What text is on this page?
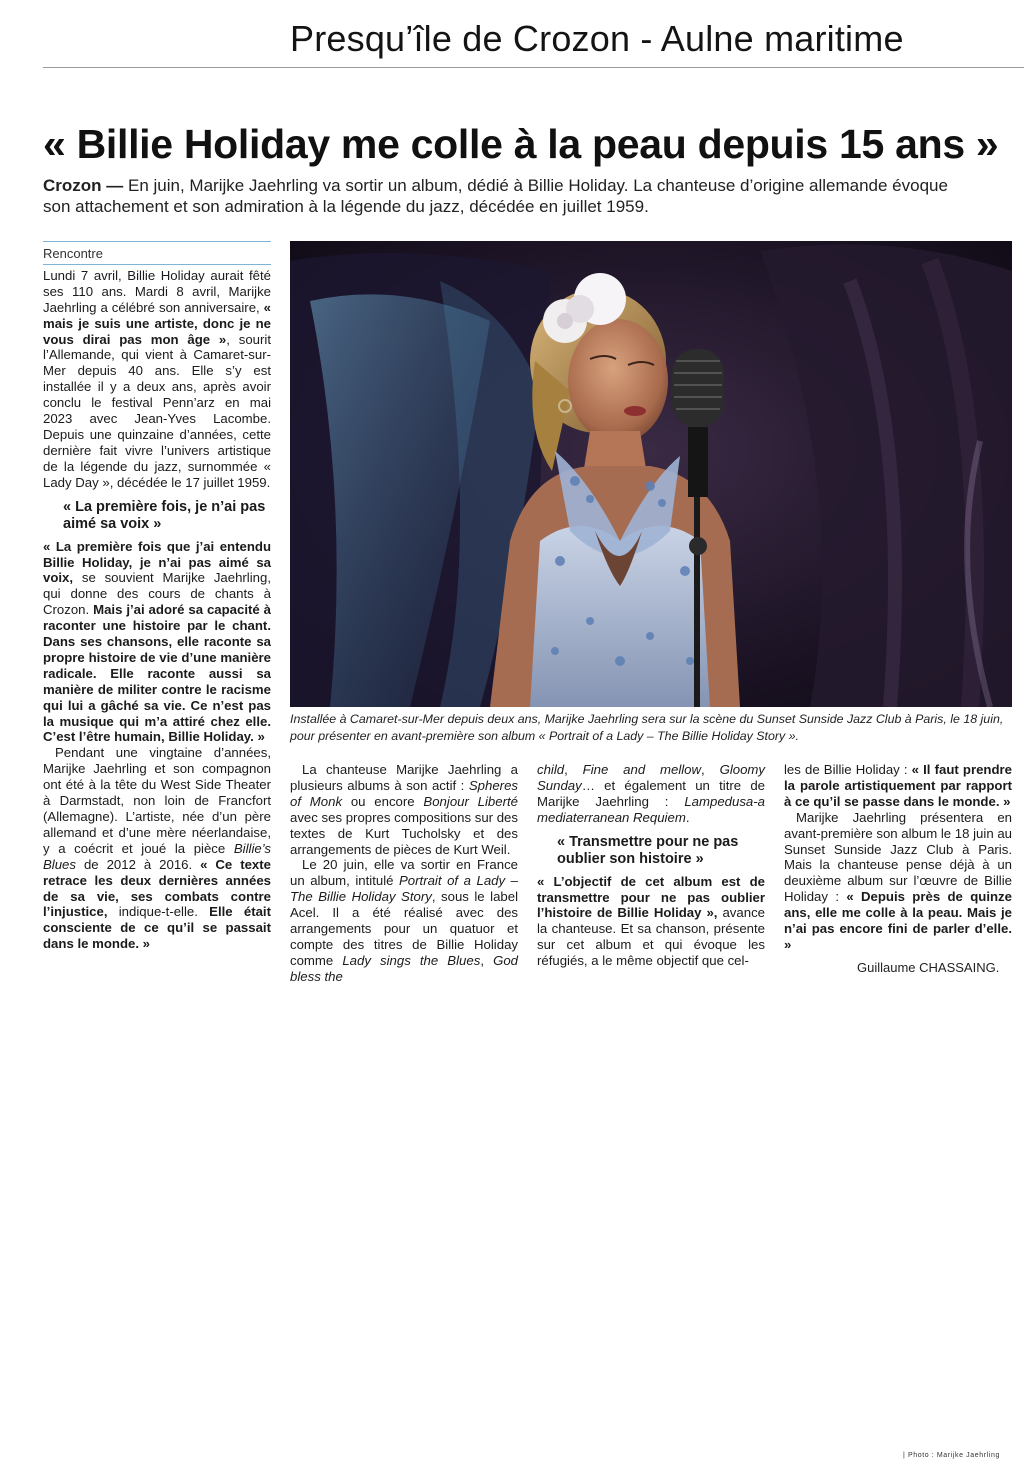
Presqu’île de Crozon - Aulne maritime
« Billie Holiday me colle à la peau depuis 15 ans »
Crozon — En juin, Marijke Jaehrling va sortir un album, dédié à Billie Holiday. La chanteuse d’origine allemande évoque son attachement et son admiration à la légende du jazz, décédée en juillet 1959.
Rencontre

Lundi 7 avril, Billie Holiday aurait fêté ses 110 ans. Mardi 8 avril, Marijke Jaehrling a célébré son anniversaire, « mais je suis une artiste, donc je ne vous dirai pas mon âge », sourit l’Allemande, qui vient à Camaret-sur-Mer depuis 40 ans. Elle s’y est installée il y a deux ans, après avoir conclu le festival Penn’arz en mai 2023 avec Jean-Yves Lacombe. Depuis une quinzaine d’années, cette dernière fait vivre l’univers artistique de la légende du jazz, surnommée « Lady Day », décédée le 17 juillet 1959.

« La première fois, je n’ai pas aimé sa voix »

« La première fois que j’ai entendu Billie Holiday, je n’ai pas aimé sa voix, se souvient Marijke Jaehrling, qui donne des cours de chants à Crozon. Mais j’ai adoré sa capacité à raconter une histoire par le chant. Dans ses chansons, elle raconte sa propre histoire de vie d’une manière radicale. Elle raconte aussi sa manière de militer contre le racisme qui lui a gâché sa vie. Ce n’est pas la musique qui m’a attiré chez elle. C’est l’être humain, Billie Holiday. »

Pendant une vingtaine d’années, Marijke Jaehrling et son compagnon ont été à la tête du West Side Theater à Darmstadt, non loin de Francfort (Allemagne). L’artiste, née d’un père allemand et d’une mère néerlandaise, y a coécrit et joué la pièce Billie’s Blues de 2012 à 2016. « Ce texte retrace les deux dernières années de sa vie, ses combats contre l’injustice, indique-t-elle. Elle était consciente de ce qu’il se passait dans le monde. »

Installée à Camaret-sur-Mer depuis deux ans, Marijke Jaehrling sera sur la scène du Sunset Sunside Jazz Club à Paris, le 18 juin, pour présenter en avant-première son album « Portrait of a Lady – The Billie Holiday Story ».
| Photo : Marijke Jaehrling

La chanteuse Marijke Jaehrling a plusieurs albums à son actif : Spheres of Monk ou encore Bonjour Liberté avec ses propres compositions sur des textes de Kurt Tucholsky et des arrangements de pièces de Kurt Weil.

Le 20 juin, elle va sortir en France un album, intitulé Portrait of a Lady – The Billie Holiday Story, sous le label Acel. Il a été réalisé avec des arrangements pour un quatuor et compte des titres de Billie Holiday comme Lady sings the Blues, God bless the

child, Fine and mellow, Gloomy Sunday… et également un titre de Marijke Jaehrling : Lampedusa-a mediaterranean Requiem.

« Transmettre pour ne pas oublier son histoire »

« L’objectif de cet album est de transmettre pour ne pas oublier l’histoire de Billie Holiday », avance la chanteuse. Et sa chanson, présente sur cet album et qui évoque les réfugiés, a le même objectif que cel-

les de Billie Holiday : « Il faut prendre la parole artistiquement par rapport à ce qu’il se passe dans le monde. »

Marijke Jaehrling présentera en avant-première son album le 18 juin au Sunset Sunside Jazz Club à Paris. Mais la chanteuse pense déjà à un deuxième album sur l’œuvre de Billie Holiday : « Depuis près de quinze ans, elle me colle à la peau. Mais je n’ai pas encore fini de parler d’elle. »

Guillaume CHASSAING.
